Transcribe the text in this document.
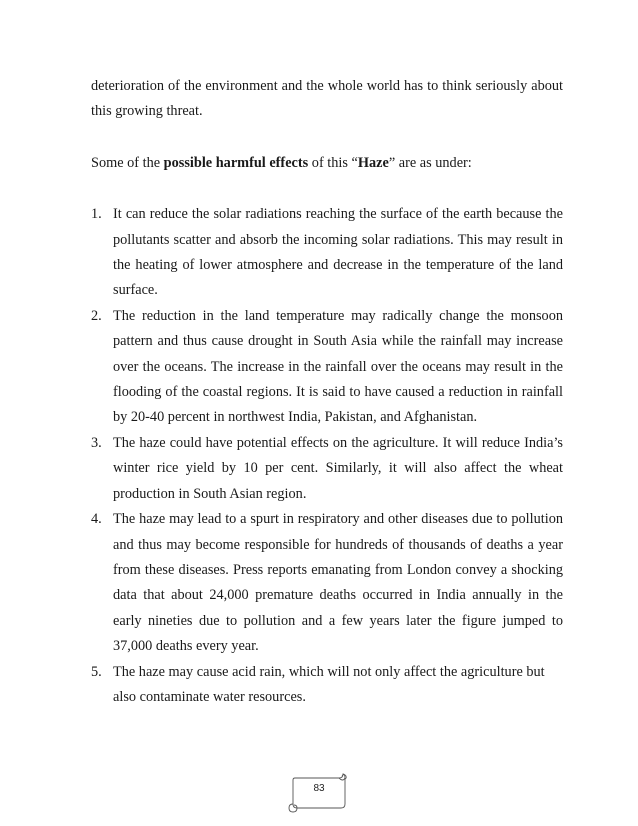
deterioration of the environment and the whole world has to think seriously about this growing threat.

Some of the possible harmful effects of this “Haze” are as under:

1. It can reduce the solar radiations reaching the surface of the earth because the pollutants scatter and absorb the incoming solar radiations. This may result in the heating of lower atmosphere and decrease in the temperature of the land surface.
2. The reduction in the land temperature may radically change the monsoon pattern and thus cause drought in South Asia while the rainfall may increase over the oceans. The increase in the rainfall over the oceans may result in the flooding of the coastal regions. It is said to have caused a reduction in rainfall by 20-40 percent in northwest India, Pakistan, and Afghanistan.
3. The haze could have potential effects on the agriculture. It will reduce India’s winter rice yield by 10 per cent. Similarly, it will also affect the wheat production in South Asian region.
4. The haze may lead to a spurt in respiratory and other diseases due to pollution and thus may become responsible for hundreds of thousands of deaths a year from these diseases. Press reports emanating from London convey a shocking data that about 24,000 premature deaths occurred in India annually in the early nineties due to pollution and a few years later the figure jumped to 37,000 deaths every year.
5. The haze may cause acid rain, which will not only affect the agriculture but also contaminate water resources.
83
